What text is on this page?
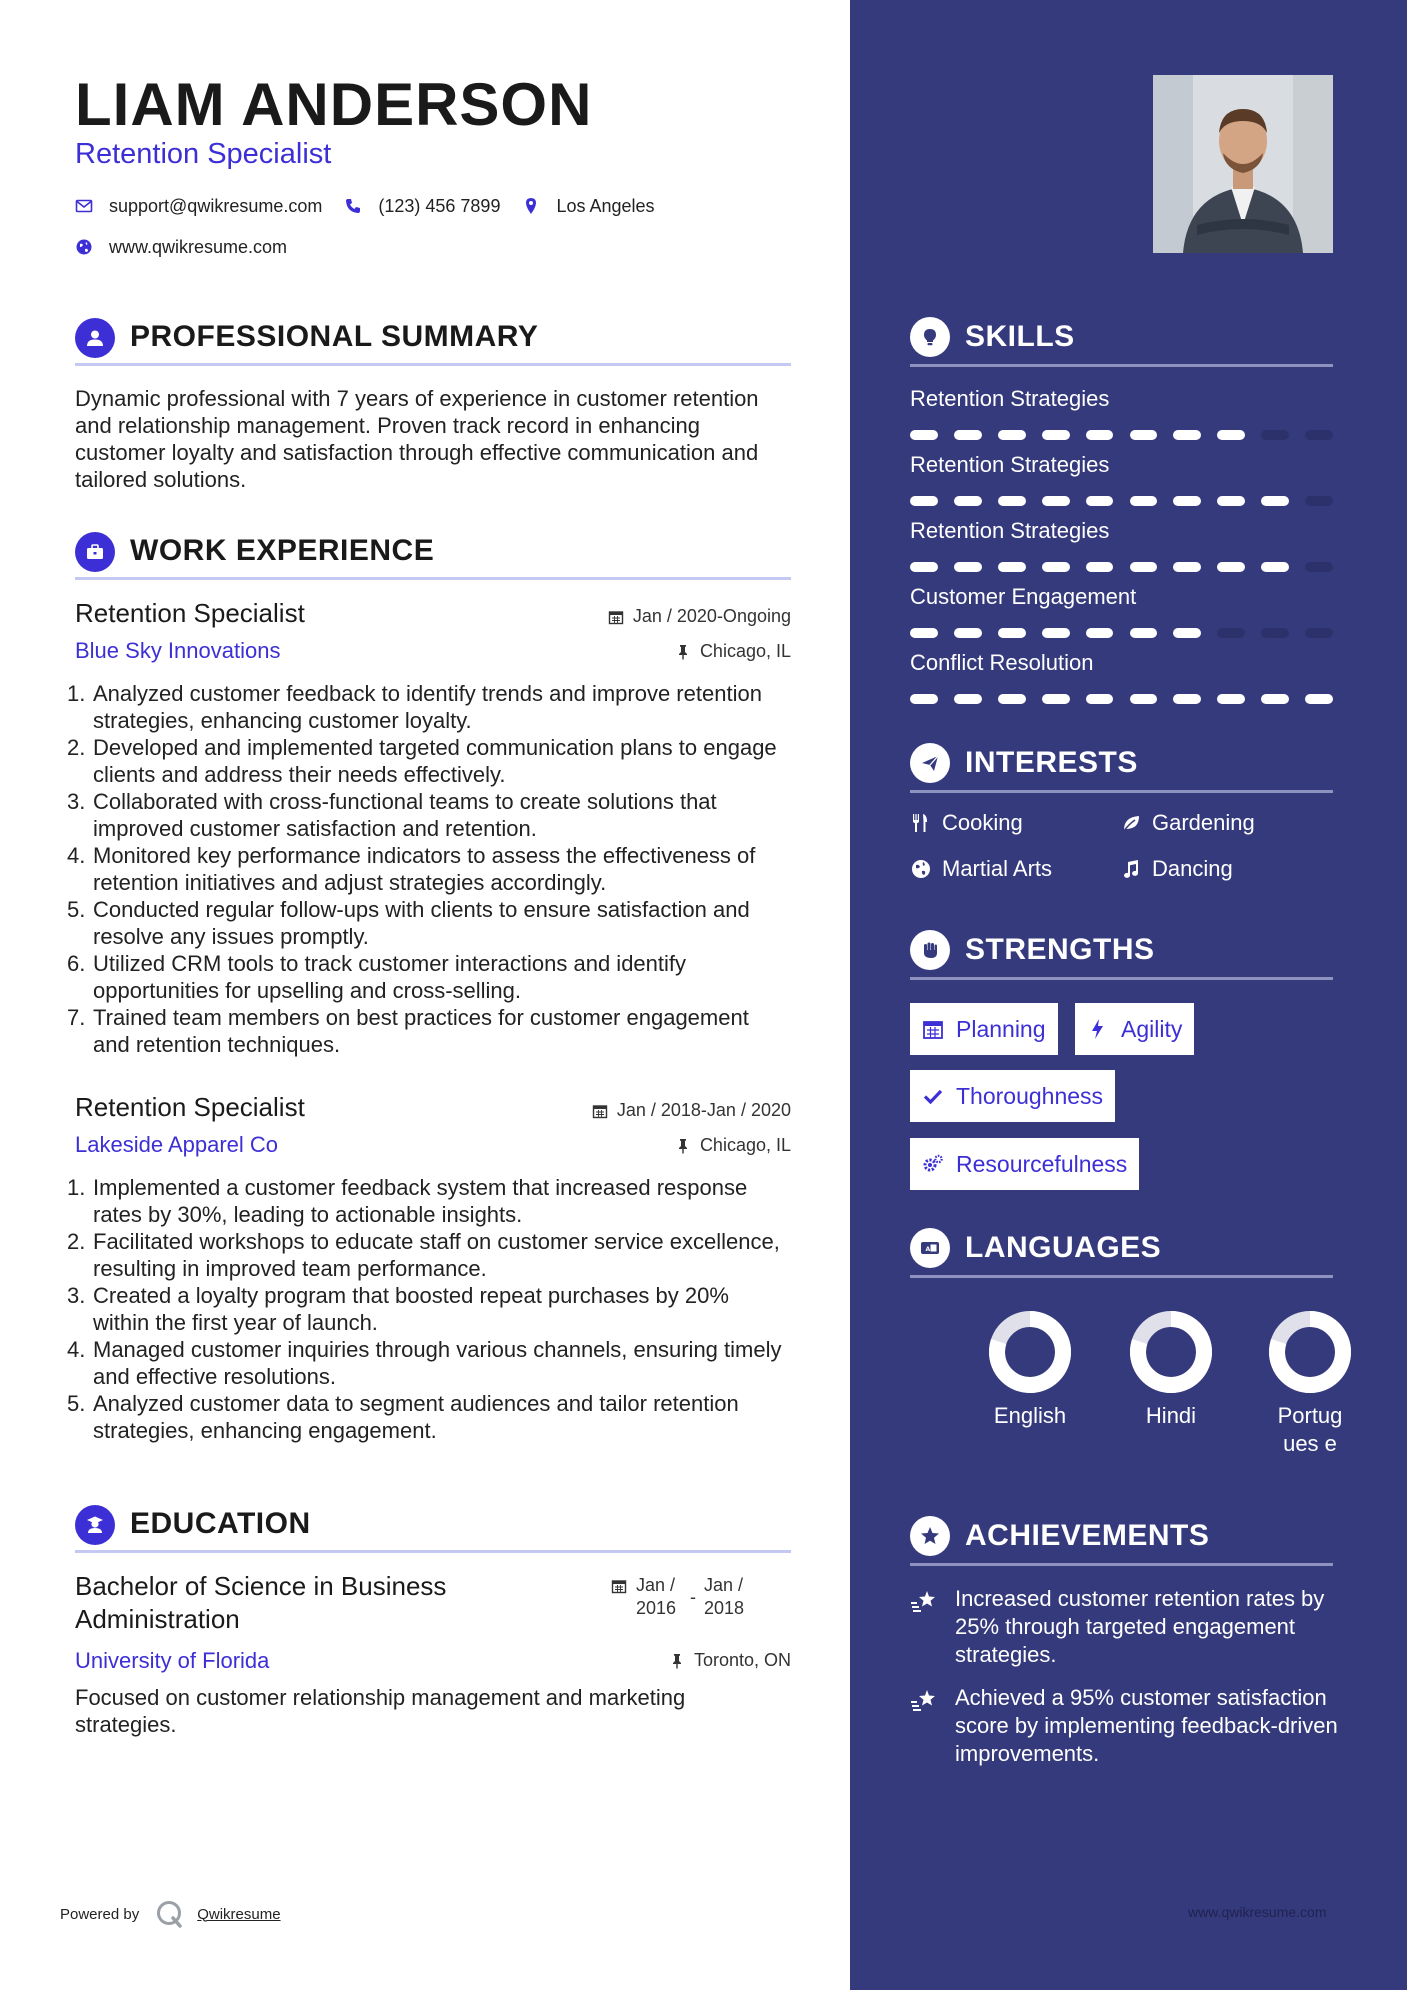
LIAM ANDERSON
Retention Specialist
support@qwikresume.com	(123) 456 7899	Los Angeles
www.qwikresume.com
PROFESSIONAL SUMMARY
Dynamic professional with 7 years of experience in customer retention and relationship management. Proven track record in enhancing customer loyalty and satisfaction through effective communication and tailored solutions.
WORK EXPERIENCE
Retention Specialist	Jan / 2020-Ongoing
Blue Sky Innovations	Chicago, IL
1. Analyzed customer feedback to identify trends and improve retention strategies, enhancing customer loyalty.
2. Developed and implemented targeted communication plans to engage clients and address their needs effectively.
3. Collaborated with cross-functional teams to create solutions that improved customer satisfaction and retention.
4. Monitored key performance indicators to assess the effectiveness of retention initiatives and adjust strategies accordingly.
5. Conducted regular follow-ups with clients to ensure satisfaction and resolve any issues promptly.
6. Utilized CRM tools to track customer interactions and identify opportunities for upselling and cross-selling.
7. Trained team members on best practices for customer engagement and retention techniques.
Retention Specialist	Jan / 2018-Jan / 2020
Lakeside Apparel Co	Chicago, IL
1. Implemented a customer feedback system that increased response rates by 30%, leading to actionable insights.
2. Facilitated workshops to educate staff on customer service excellence, resulting in improved team performance.
3. Created a loyalty program that boosted repeat purchases by 20% within the first year of launch.
4. Managed customer inquiries through various channels, ensuring timely and effective resolutions.
5. Analyzed customer data to segment audiences and tailor retention strategies, enhancing engagement.
EDUCATION
Bachelor of Science in Business Administration
Jan / 2016
-
Jan / 2018
University of Florida	Toronto, ON
Focused on customer relationship management and marketing strategies.
Powered by	Qwikresume
SKILLS
Retention Strategies
Retention Strategies
Retention Strategies
Customer Engagement
Conflict Resolution
INTERESTS
Cooking	Gardening
Martial Arts	Dancing
STRENGTHS
Planning	Agility
Thoroughness
Resourcefulness
A LANGUAGES
English	Hindi	Portugues e
ACHIEVEMENTS
Increased customer retention rates by 25% through targeted engagement strategies.
Achieved a 95% customer satisfaction score by implementing feedback-driven improvements.
www.qwikresume.com
